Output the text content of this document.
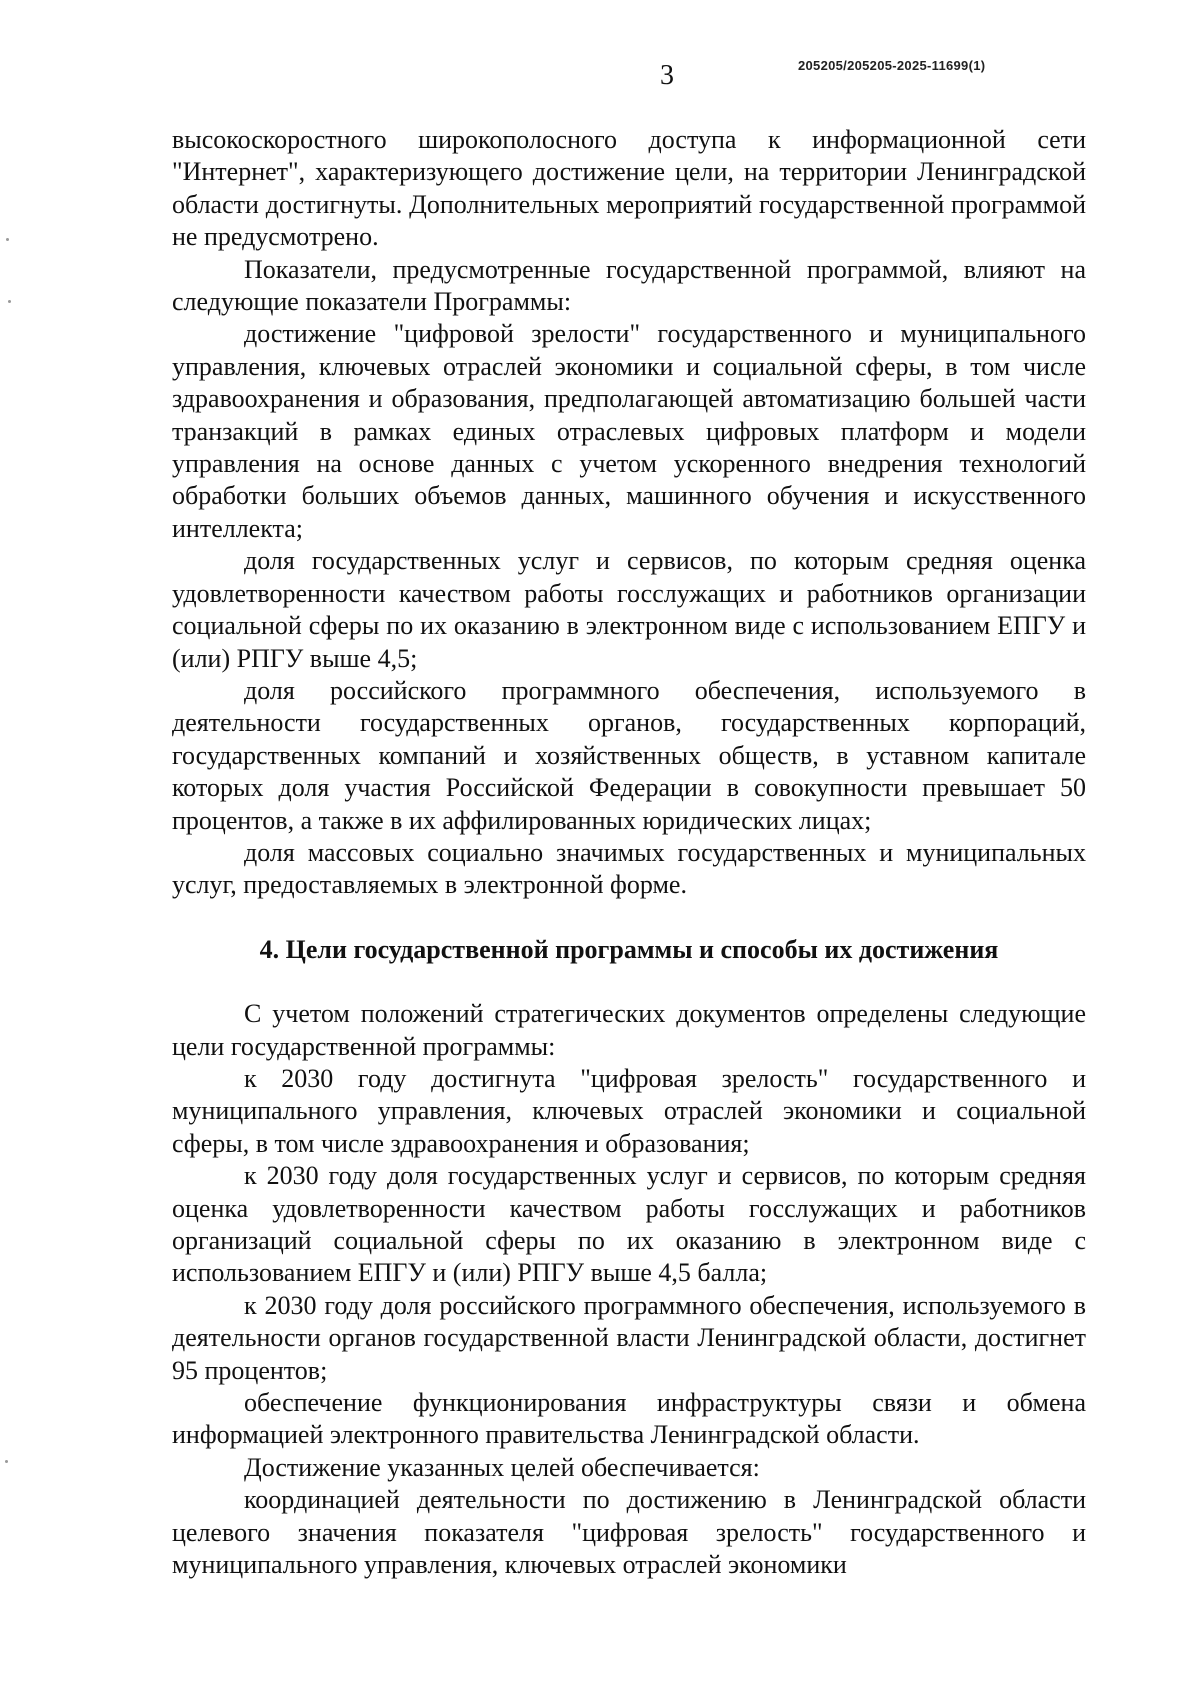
3	205205/205205-2025-11699(1)

высокоскоростного широкополосного доступа к информационной сети "Интернет", характеризующего достижение цели, на территории Ленинградской области достигнуты. Дополнительных мероприятий государственной программой не предусмотрено.

Показатели, предусмотренные государственной программой, влияют на следующие показатели Программы:

достижение "цифровой зрелости" государственного и муниципального управления, ключевых отраслей экономики и социальной сферы, в том числе здравоохранения и образования, предполагающей автоматизацию большей части транзакций в рамках единых отраслевых цифровых платформ и модели управления на основе данных с учетом ускоренного внедрения технологий обработки больших объемов данных, машинного обучения и искусственного интеллекта;

доля государственных услуг и сервисов, по которым средняя оценка удовлетворенности качеством работы госслужащих и работников организации социальной сферы по их оказанию в электронном виде с использованием ЕПГУ и (или) РПГУ выше 4,5;

доля российского программного обеспечения, используемого в деятельности государственных органов, государственных корпораций, государственных компаний и хозяйственных обществ, в уставном капитале которых доля участия Российской Федерации в совокупности превышает 50 процентов, а также в их аффилированных юридических лицах;

доля массовых социально значимых государственных и муниципальных услуг, предоставляемых в электронной форме.

4. Цели государственной программы и способы их достижения

С учетом положений стратегических документов определены следующие цели государственной программы:

к 2030 году достигнута "цифровая зрелость" государственного и муниципального управления, ключевых отраслей экономики и социальной сферы, в том числе здравоохранения и образования;

к 2030 году доля государственных услуг и сервисов, по которым средняя оценка удовлетворенности качеством работы госслужащих и работников организаций социальной сферы по их оказанию в электронном виде с использованием ЕПГУ и (или) РПГУ выше 4,5 балла;

к 2030 году доля российского программного обеспечения, используемого в деятельности органов государственной власти Ленинградской области, достигнет 95 процентов;

обеспечение функционирования инфраструктуры связи и обмена информацией электронного правительства Ленинградской области.

Достижение указанных целей обеспечивается:

координацией деятельности по достижению в Ленинградской области целевого значения показателя "цифровая зрелость" государственного и муниципального управления, ключевых отраслей экономики
